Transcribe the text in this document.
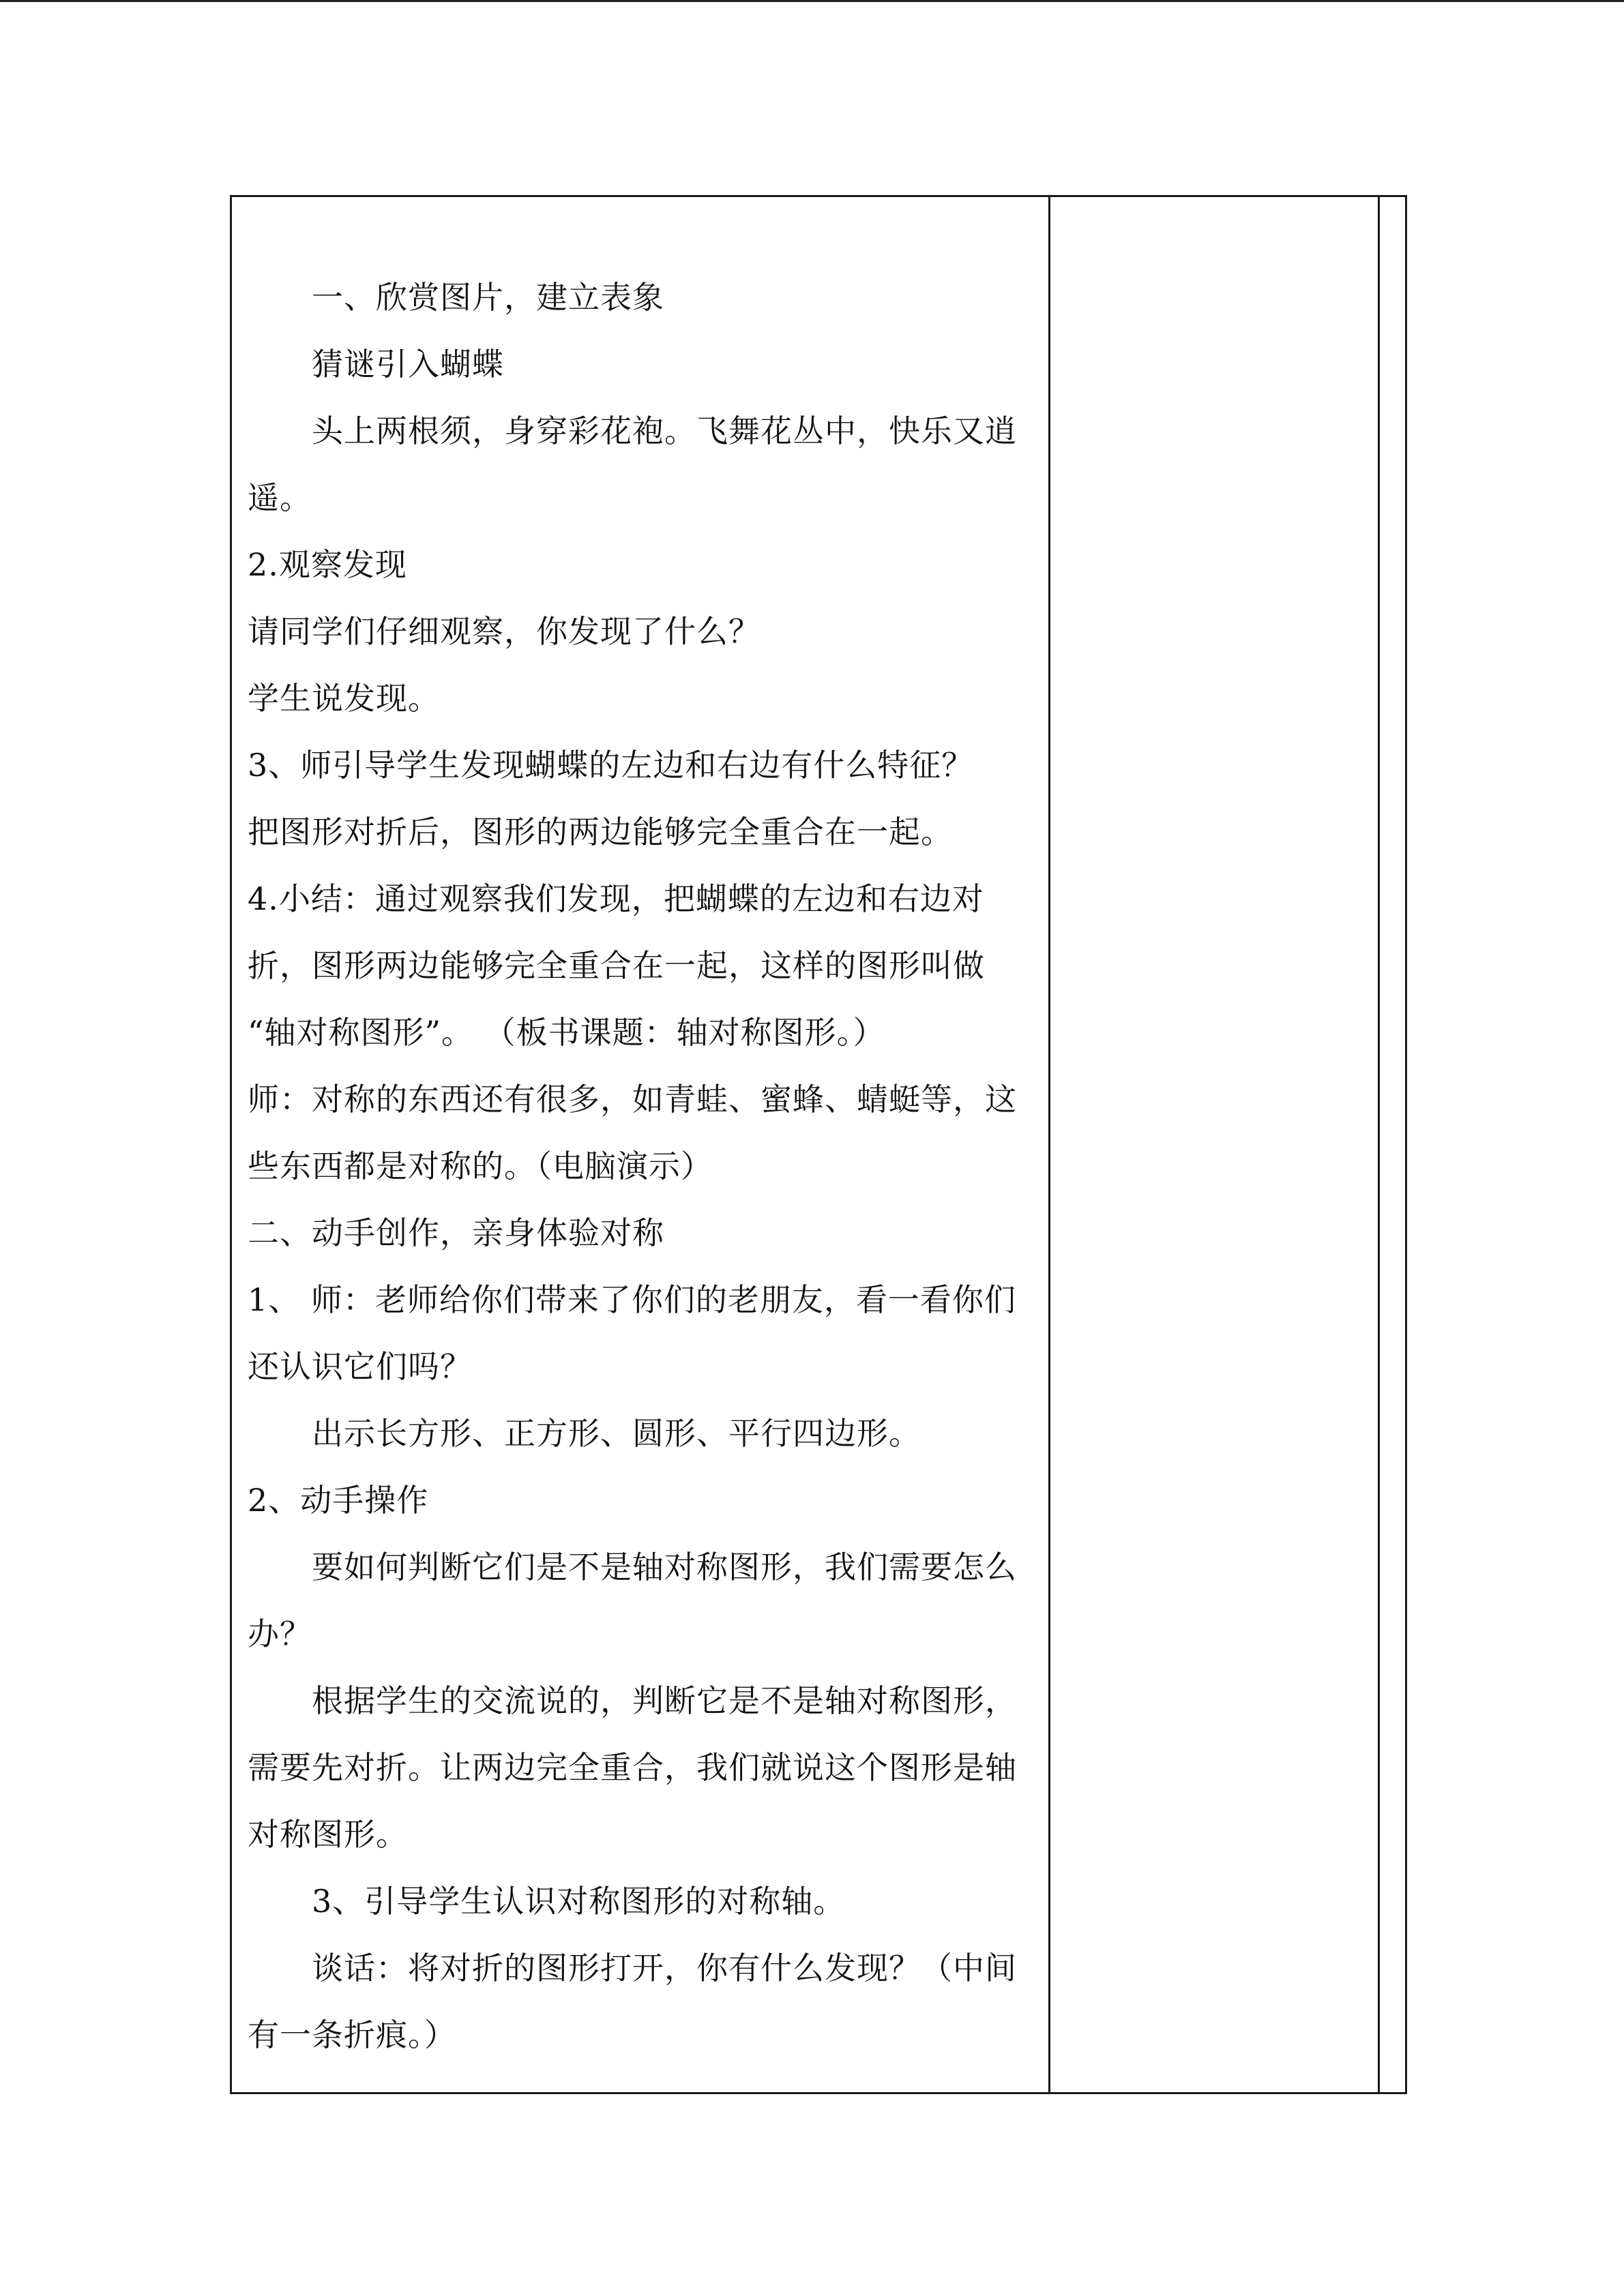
一、欣赏图片，建立表象
猜谜引入蝴蝶
头上两根须，身穿彩花袍。飞舞花丛中，快乐又逍
遥。
2.观察发现
请同学们仔细观察，你发现了什么？
学生说发现。
3、师引导学生发现蝴蝶的左边和右边有什么特征？
把图形对折后，图形的两边能够完全重合在一起。
4.小结：通过观察我们发现，把蝴蝶的左边和右边对
折，图形两边能够完全重合在一起，这样的图形叫做
“轴对称图形”。 （板书课题：轴对称图形。）
师：对称的东西还有很多，如青蛙、蜜蜂、蜻蜓等，这
些东西都是对称的。（电脑演示）
二、动手创作，亲身体验对称
1、 师：老师给你们带来了你们的老朋友，看一看你们
还认识它们吗？
出示长方形、正方形、圆形、平行四边形。
2、动手操作
要如何判断它们是不是轴对称图形，我们需要怎么
办？
根据学生的交流说的，判断它是不是轴对称图形，
需要先对折。让两边完全重合，我们就说这个图形是轴
对称图形。
3、引导学生认识对称图形的对称轴。
谈话：将对折的图形打开，你有什么发现？（中间
有一条折痕。）
